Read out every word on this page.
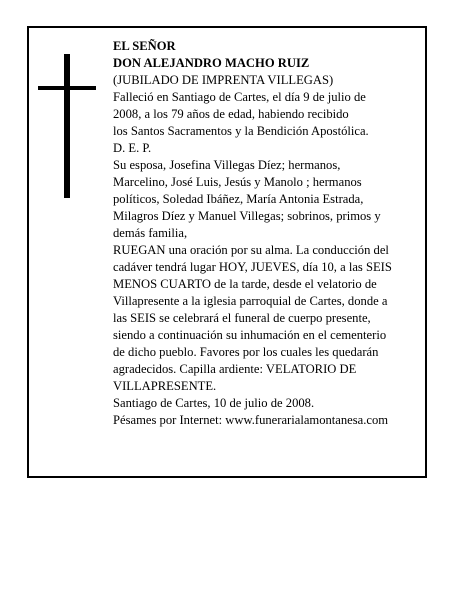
EL SEÑOR
DON ALEJANDRO MACHO RUIZ
(JUBILADO DE IMPRENTA VILLEGAS)
Falleció en Santiago de Cartes, el día 9 de julio de
2008, a los 79 años de edad, habiendo recibido
los Santos Sacramentos y la Bendición Apostólica.
D. E. P.
Su esposa, Josefina Villegas Díez; hermanos,
Marcelino, José Luis, Jesús y Manolo ; hermanos
políticos, Soledad Ibáñez, María Antonia Estrada,
Milagros Díez y Manuel Villegas; sobrinos, primos y
demás familia,
RUEGAN una oración por su alma. La conducción del
cadáver tendrá lugar HOY, JUEVES, día 10, a las SEIS
MENOS CUARTO de la tarde, desde el velatorio de
Villapresente a la iglesia parroquial de Cartes, donde a
las SEIS se celebrará el funeral de cuerpo presente,
siendo a continuación su inhumación en el cementerio
de dicho pueblo. Favores por los cuales les quedarán
agradecidos. Capilla ardiente: VELATORIO DE
VILLAPRESENTE.
Santiago de Cartes, 10 de julio de 2008.
Pésames por Internet: www.funerarialamontanesa.com
